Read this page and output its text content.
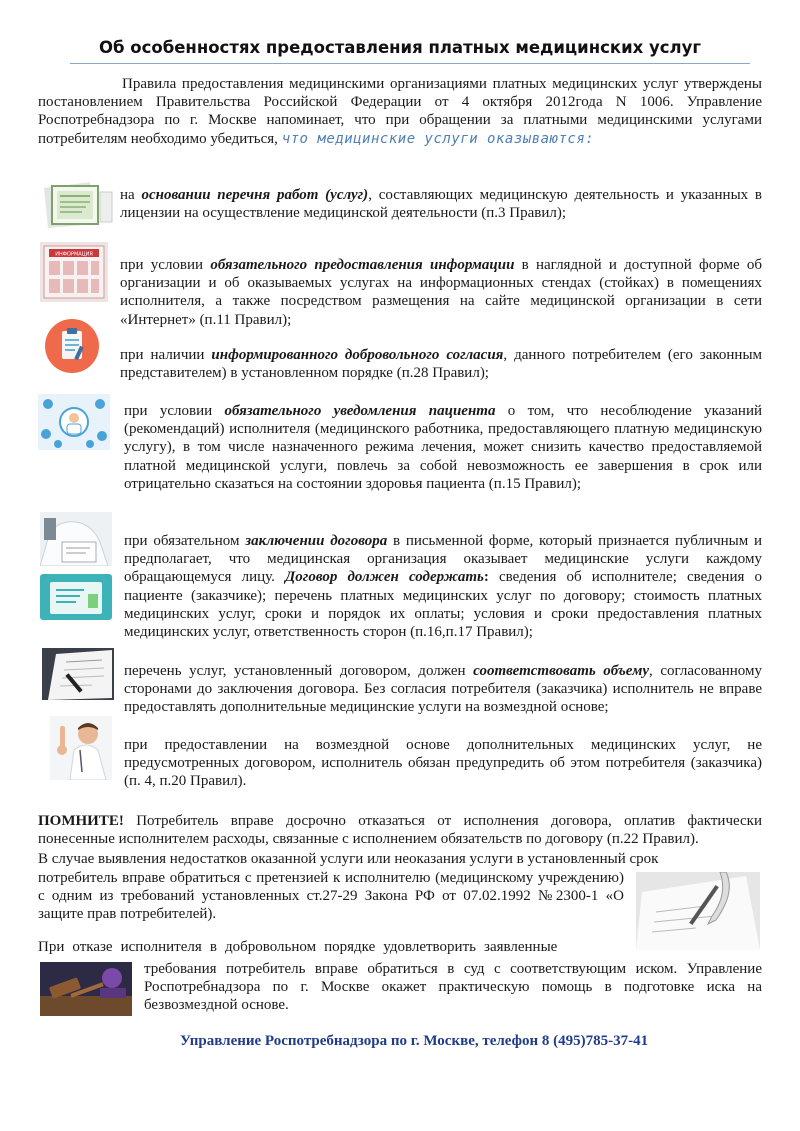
Об особенностях предоставления платных медицинских услуг

Правила предоставления медицинскими организациями платных медицинских услуг утверждены постановлением Правительства Российской Федерации от 4 октября 2012года N 1006. Управление Роспотребнадзора по г. Москве напоминает, что при обращении за платными медицинскими услугами потребителям необходимо убедиться, что медицинские услуги оказываются:

на основании перечня работ (услуг), составляющих медицинскую деятельность и указанных в лицензии на осуществление медицинской деятельности (п.3 Правил);

ИНФОРМАЦИЯ

при условии обязательного предоставления информации в наглядной и доступной форме об организации и об оказываемых услугах на информационных стендах (стойках) в помещениях исполнителя, а также посредством размещения на сайте медицинской организации в сети «Интернет» (п.11 Правил);

при наличии информированного добровольного согласия, данного потребителем (его законным представителем) в установленном порядке (п.28 Правил);

при условии обязательного уведомления пациента о том, что несоблюдение указаний (рекомендаций) исполнителя (медицинского работника, предоставляющего платную медицинскую услугу), в том числе назначенного режима лечения, может снизить качество предоставляемой платной медицинской услуги, повлечь за собой невозможность ее завершения в срок или отрицательно сказаться на состоянии здоровья пациента (п.15 Правил);

при обязательном заключении договора в письменной форме, который признается публичным и предполагает, что медицинская организация оказывает медицинские услуги каждому обращающемуся лицу. Договор должен содержать: сведения об исполнителе; сведения о пациенте (заказчике); перечень платных медицинских услуг по договору; стоимость платных медицинских услуг, сроки и порядок их оплаты; условия и сроки предоставления платных медицинских услуг, ответственность сторон (п.16,п.17 Правил);

перечень услуг, установленный договором, должен соответствовать объему, согласованному сторонами до заключения договора. Без согласия потребителя (заказчика) исполнитель не вправе предоставлять дополнительные медицинские услуги на возмездной основе;

при предоставлении на возмездной основе дополнительных медицинских услуг, не предусмотренных договором, исполнитель обязан предупредить об этом потребителя (заказчика) (п. 4, п.20 Правил).

ПОМНИТЕ! Потребитель вправе досрочно отказаться от исполнения договора, оплатив фактически понесенные исполнителем расходы, связанные с исполнением обязательств по договору (п.22 Правил).

В случае выявления недостатков оказанной услуги или неоказания услуги в установленный срок

потребитель вправе обратиться с претензией к исполнителю (медицинскому учреждению) с одним из требований установленных ст.27-29 Закона РФ от 07.02.1992 №2300-1 «О защите прав потребителей).

При отказе исполнителя в добровольном порядке удовлетворить заявленные

требования потребитель вправе обратиться в суд с соответствующим иском. Управление Роспотребнадзора по г. Москве окажет практическую помощь в подготовке иска на безвозмездной основе.

Управление Роспотребнадзора по г. Москве, телефон 8 (495)785-37-41
